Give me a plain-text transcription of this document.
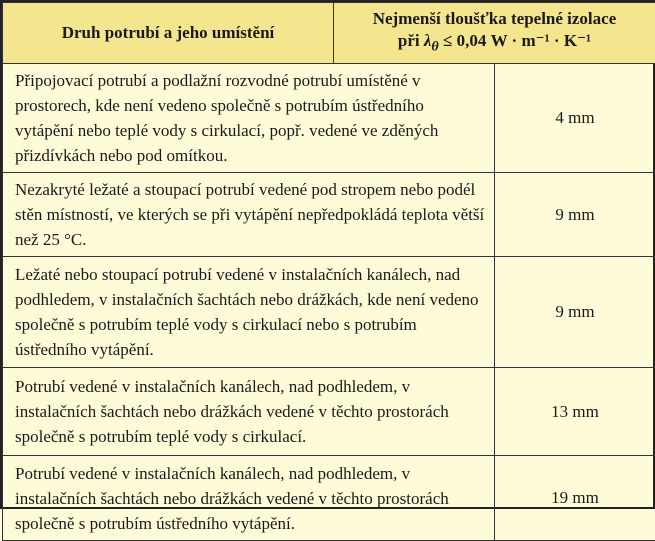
Druh potrubí a jeho umístění	Nejmenší tloušťka tepelné izolace
při $\lambda_\theta \le 0,04$ W · m⁻¹ · K⁻¹	

Připojovací potrubí a podlažní rozvodné potrubí umístěné v prostorech, kde není vedeno společně s potrubím ústředního vytápění nebo teplé vody s cirkulací, popř. vedené ve zděných přizdívkách nebo pod omítkou.		4 mm
Nezakryté ležaté a stoupací potrubí vedené pod stropem nebo podél stěn místností, ve kterých se při vytápění nepředpokládá teplota větší než 25 °C.		9 mm
Ležaté nebo stoupací potrubí vedené v instalačních kanálech, nad podhledem, v instalačních šachtách nebo drážkách, kde není vedeno společně s potrubím teplé vody s cirkulací nebo s potrubím ústředního vytápění.		9 mm
Potrubí vedené v instalačních kanálech, nad podhledem, v instalačních šachtách nebo drážkách vedené v těchto prostorách společně s potrubím teplé vody s cirkulací.		13 mm
Potrubí vedené v instalačních kanálech, nad podhledem, v instalačních šachtách nebo drážkách vedené v těchto prostorách společně s potrubím ústředního vytápění.		19 mm
